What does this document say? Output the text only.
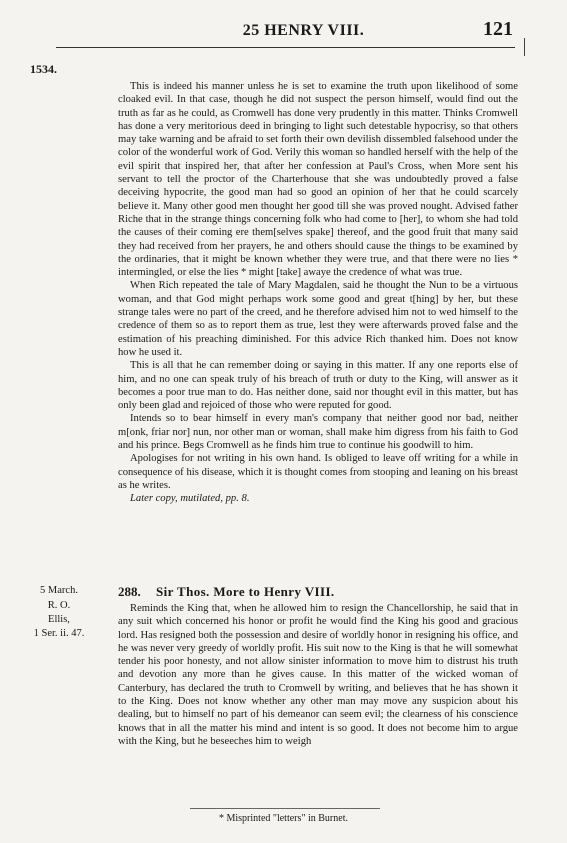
25 HENRY VIII.	121
1534.

This is indeed his manner unless he is set to examine the truth upon likelihood of some cloaked evil. In that case, though he did not suspect the person himself, would find out the truth as far as he could, as Cromwell has done very prudently in this matter. Thinks Cromwell has done a very meritorious deed in bringing to light such detestable hypocrisy, so that others may take warning and be afraid to set forth their own devilish dissembled falsehood under the color of the wonderful work of God. Verily this woman so handled herself with the help of the evil spirit that inspired her, that after her confession at Paul's Cross, when More sent his servant to tell the proctor of the Charterhouse that she was undoubtedly proved a false deceiving hypocrite, the good man had so good an opinion of her that he could scarcely believe it. Many other good men thought her good till she was proved nought. Advised father Riche that in the strange things concerning folk who had come to [her], to whom she had told the causes of their coming ere them[selves spake] thereof, and the good fruit that many said they had received from her prayers, he and others should cause the things to be examined by the ordinaries, that it might be known whether they were true, and that there were no lies * intermingled, or else the lies * might [take] awaye the credence of what was true.

When Rich repeated the tale of Mary Magdalen, said he thought the Nun to be a virtuous woman, and that God might perhaps work some good and great t[hing] by her, but these strange tales were no part of the creed, and he therefore advised him not to wed himself to the credence of them so as to report them as true, lest they were afterwards proved false and the estimation of his preaching diminished. For this advice Rich thanked him. Does not know how he used it.

This is all that he can remember doing or saying in this matter. If any one reports else of him, and no one can speak truly of his breach of truth or duty to the King, will answer as it becomes a poor true man to do. Has neither done, said nor thought evil in this matter, but has only been glad and rejoiced of those who were reputed for good.

Intends so to bear himself in every man's company that neither good nor bad, neither m[onk, friar nor] nun, nor other man or woman, shall make him digress from his faith to God and his prince. Begs Cromwell as he finds him true to continue his goodwill to him.

Apologises for not writing in his own hand. Is obliged to leave off writing for a while in consequence of his disease, which it is thought comes from stooping and leaning on his breast as he writes.

Later copy, mutilated, pp. 8.

5 March.
R. O.
Ellis,
1 Ser. ii. 47.
288. Sir Thos. More to Henry VIII.

Reminds the King that, when he allowed him to resign the Chancellorship, he said that in any suit which concerned his honor or profit he would find the King his good and gracious lord. Has resigned both the possession and desire of worldly honor in resigning his office, and he was never very greedy of worldly profit. His suit now to the King is that he will somewhat tender his poor honesty, and not allow sinister information to move him to distrust his truth and devotion any more than he gives cause. In this matter of the wicked woman of Canterbury, has declared the truth to Cromwell by writing, and believes that he has shown it to the King. Does not know whether any other man may move any suspicion about his dealing, but to himself no part of his demeanor can seem evil; the clearness of his conscience knows that in all the matter his mind and intent is so good. It does not become him to argue with the King, but he beseeches him to weigh

* Misprinted "letters" in Burnet.
